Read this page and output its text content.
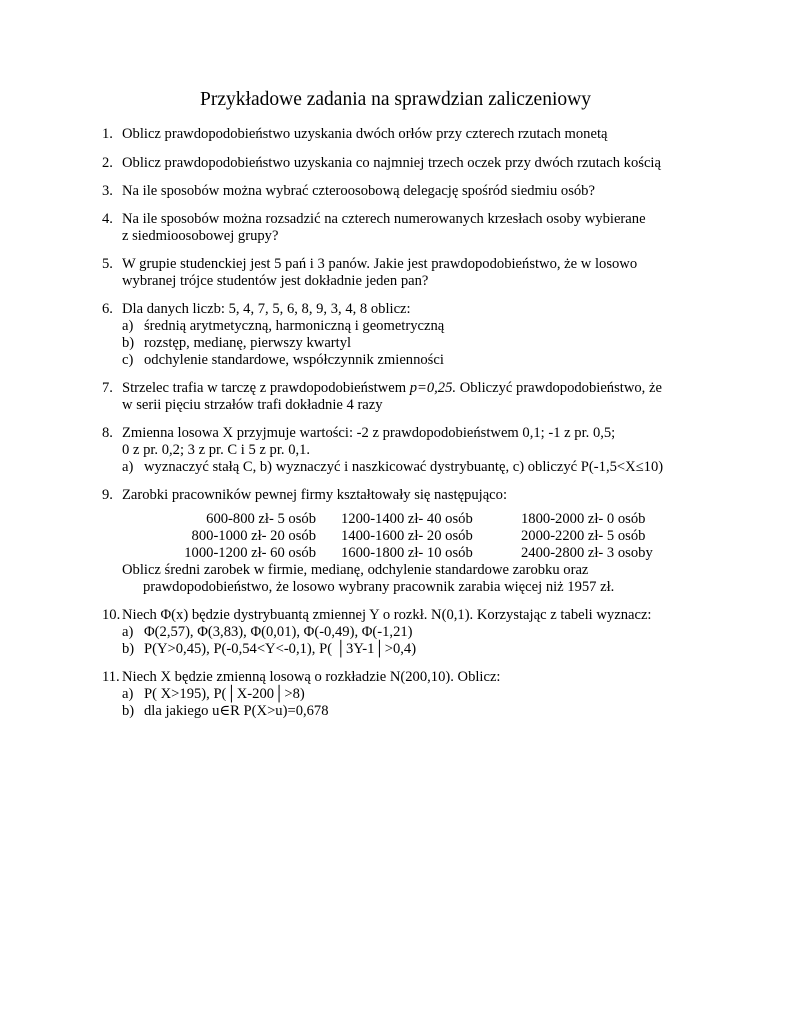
Przykładowe zadania na sprawdzian zaliczeniowy
1. Oblicz prawdopodobieństwo uzyskania dwóch orłów przy czterech rzutach monetą
2. Oblicz prawdopodobieństwo uzyskania co najmniej trzech oczek przy dwóch rzutach kością
3. Na ile sposobów można wybrać czteroosobową delegację spośród siedmiu osób?
4. Na ile sposobów można rozsadzić na czterech numerowanych krzesłach osoby wybierane
z siedmioosobowej grupy?
5. W grupie studenckiej jest 5 pań i 3 panów. Jakie jest prawdopodobieństwo, że w losowo
wybranej trójce studentów jest dokładnie jeden pan?
6. Dla danych liczb: 5, 4, 7, 5, 6, 8, 9, 3, 4, 8 oblicz:
a) średnią arytmetyczną, harmoniczną i geometryczną
b) rozstęp, medianę, pierwszy kwartyl
c) odchylenie standardowe, współczynnik zmienności
7. Strzelec trafia w tarczę z prawdopodobieństwem p=0,25. Obliczyć prawdopodobieństwo, że
w serii pięciu strzałów trafi dokładnie 4 razy
8. Zmienna losowa X przyjmuje wartości: -2 z prawdopodobieństwem 0,1; -1 z pr. 0,5;
0 z pr. 0,2; 3 z pr. C i 5 z pr. 0,1.
a) wyznaczyć stałą C, b) wyznaczyć i naszkicować dystrybuantę, c) obliczyć P(-1,5<X≤10)
9. Zarobki pracowników pewnej firmy kształtowały się następująco:
600-800 zł- 5 osób 1200-1400 zł- 40 osób	1800-2000 zł- 0 osób
800-1000 zł- 20 osób 1400-1600 zł- 20 osób	2000-2200 zł- 5 osób
1000-1200 zł- 60 osób 1600-1800 zł- 10 osób	2400-2800 zł- 3 osoby
Oblicz średni zarobek w firmie, medianę, odchylenie standardowe zarobku oraz
prawdopodobieństwo, że losowo wybrany pracownik zarabia więcej niż 1957 zł.
10. Niech Φ(x) będzie dystrybuantą zmiennej Y o rozkł. N(0,1). Korzystając z tabeli wyznacz:
a) Φ(2,57), Φ(3,83), Φ(0,01), Φ(-0,49), Φ(-1,21)
b) P(Y>0,45), P(-0,54<Y<-0,1), P( │3Y-1│>0,4)
11. Niech X będzie zmienną losową o rozkładzie N(200,10). Oblicz:
a) P( X>195), P(│X-200│>8)
b) dla jakiego u∈R P(X>u)=0,678
